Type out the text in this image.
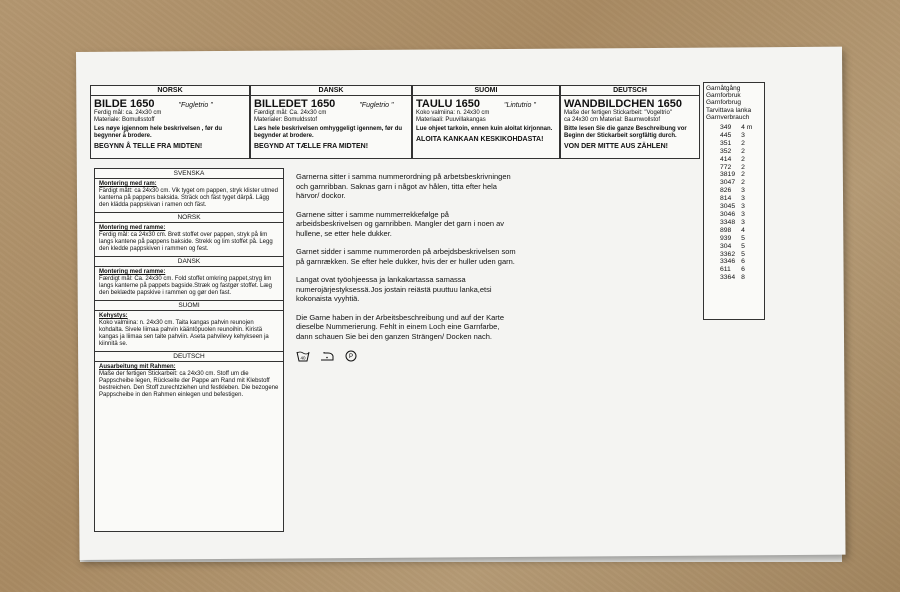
NORSK
BILDE 1650	"Fugletrio "
Ferdig mål: ca. 24x30 cm
Materiale: Bomullsstoff
Les nøye igjennom hele beskrivelsen , før du begynner å brodere.
BEGYNN Å TELLE FRA MIDTEN!
DANSK
BILLEDET 1650	"Fugletrio "
Færdigt mål: Ca. 24x30 cm
Materialer: Bomuldsstof
Læs hele beskrivelsen omhyggeligt igennem, før du begynder at brodere.
BEGYND AT TÆLLE FRA MIDTEN!
SUOMI
TAULU 1650	"Lintutrio "
Koko valmiina: n. 24x30 cm
Materiaali: Puuvillakangas
Lue ohjeet tarkoin, ennen kuin aloitat kirjonnan.
ALOITA KANKAAN KESKIKOHDASTA!
DEUTSCH
WANDBILDCHEN 1650
Maße der fertigen Stickarbeit: "Vogeltrio"
ca 24x30 cm Material: Baumwollstof
Bitte lesen Sie die ganze Beschreibung vor Beginn der Stickarbeit sorgfältig durch.
VON DER MITTE AUS ZÄHLEN!
SVENSKA
Montering med ram:
Färdigt mått: ca 24x30 cm. Vik tyget om pappen, stryk klister utmed kanterna på pappens baksida. Sträck och fäst tyget därpå. Lägg den klädda pappskivan i ramen och fäst.
NORSK
Montering med ramme:
Ferdig mål: ca 24x30 cm. Brett stoffet over pappen, stryk på lim langs kantene på pappens bakside. Strekk og lim stoffet på. Legg den kledde pappskiven i rammen og fest.
DANSK
Montering med ramme:
Færdigt mål: Ca. 24x30 cm. Fold stoffet omkring pappet,stryg lim langs kanterne på pappets bagside.Stræk og fastgør stoffet. Læg den beklædte papskive i rammen og gør den fast.
SUOMI
Kehystys:
Koko valmiina: n. 24x30 cm. Taita kangas pahvin reunojen kohdalta. Sivele liimaa pahvin kääntöpuolen reunoihin. Kiristä kangas ja liimaa sen taite pahviin. Aseta pahvilevy kehykseen ja kiinnitä se.
DEUTSCH
Ausarbeitung mit Rahmen:
Maße der fertigen Stickarbeit: ca 24x30 cm. Stoff um die Pappscheibe legen, Rückseite der Pappe am Rand mit Klebstoff bestreichen. Den Stoff zurechtziehen und festkleben. Die bezogene Pappscheibe in den Rahmen einlegen und befestigen.

Garnerna sitter i samma nummerordning på arbetsbeskrivningen och garnribban. Saknas garn i något av hålen, titta efter hela härvor/ dockor.

Garnene sitter i samme nummerrekkefølge på arbeidsbeskrivelsen og garnribben. Mangler det garn i noen av hullene, se etter hele dukker.

Garnet sidder i samme nummerorden på arbejdsbeskrivelsen som på garnrækken. Se efter hele dukker, hvis der er huller uden garn.

Langat ovat työohjeessa ja lankakartassa samassa numerojärjestyksessä.Jos jostain reiästä puuttuu lanka,etsi kokonaista vyyhtiä.

Die Garne haben in der Arbeitsbeschreibung und auf der Karte dieselbe Nummerierung. Fehlt in einem Loch eine Garnfarbe, dann schauen Sie bei den ganzen Strängen/ Docken nach.

40	P
Garnåtgång
Garnforbruk
Garnforbrug
Tarvittava lanka
Garnverbrauch
349	4 m
445	3
351	2
352	2
414	2
772	2
3819	2
3047	2
826	3
814	3
3045	3
3046	3
3348	3
898	4
939	5
304	5
3362	5
3346	6
611	6
3364	8
